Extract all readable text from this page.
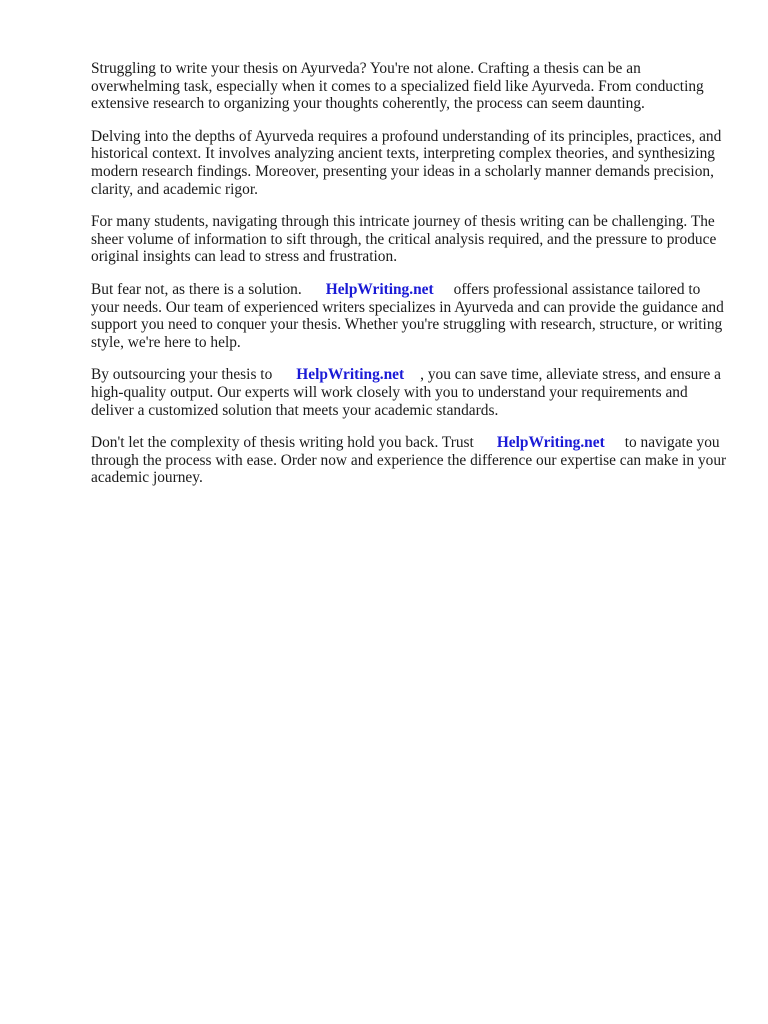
Struggling to write your thesis on Ayurveda? You're not alone. Crafting a thesis can be an overwhelming task, especially when it comes to a specialized field like Ayurveda. From conducting extensive research to organizing your thoughts coherently, the process can seem daunting.

Delving into the depths of Ayurveda requires a profound understanding of its principles, practices, and historical context. It involves analyzing ancient texts, interpreting complex theories, and synthesizing modern research findings. Moreover, presenting your ideas in a scholarly manner demands precision, clarity, and academic rigor.

For many students, navigating through this intricate journey of thesis writing can be challenging. The sheer volume of information to sift through, the critical analysis required, and the pressure to produce original insights can lead to stress and frustration.

But fear not, as there is a solution. HelpWriting.net offers professional assistance tailored to your needs. Our team of experienced writers specializes in Ayurveda and can provide the guidance and support you need to conquer your thesis. Whether you're struggling with research, structure, or writing style, we're here to help.

By outsourcing your thesis to HelpWriting.net , you can save time, alleviate stress, and ensure a high-quality output. Our experts will work closely with you to understand your requirements and deliver a customized solution that meets your academic standards.

Don't let the complexity of thesis writing hold you back. Trust HelpWriting.net to navigate you through the process with ease. Order now and experience the difference our expertise can make in your academic journey.
